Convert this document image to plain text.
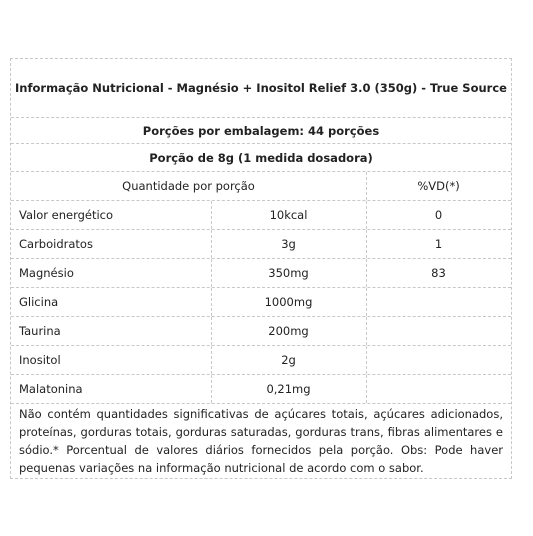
Informação Nutricional - Magnésio + Inositol Relief 3.0 (350g) - True Source
Porções por embalagem: 44 porções
Porção de 8g (1 medida dosadora)
Quantidade por porção	%VD(*)
Valor energético	10kcal	0
Carboidratos	3g	1
Magnésio	350mg	83
Glicina	1000mg
Taurina	200mg
Inositol	2g
Malatonina	0,21mg
Não contém quantidades significativas de açúcares totais, açúcares adicionados, proteínas, gorduras totais, gorduras saturadas, gorduras trans, fibras alimentares e sódio.* Porcentual de valores diários fornecidos pela porção. Obs: Pode haver pequenas variações na informação nutricional de acordo com o sabor.
